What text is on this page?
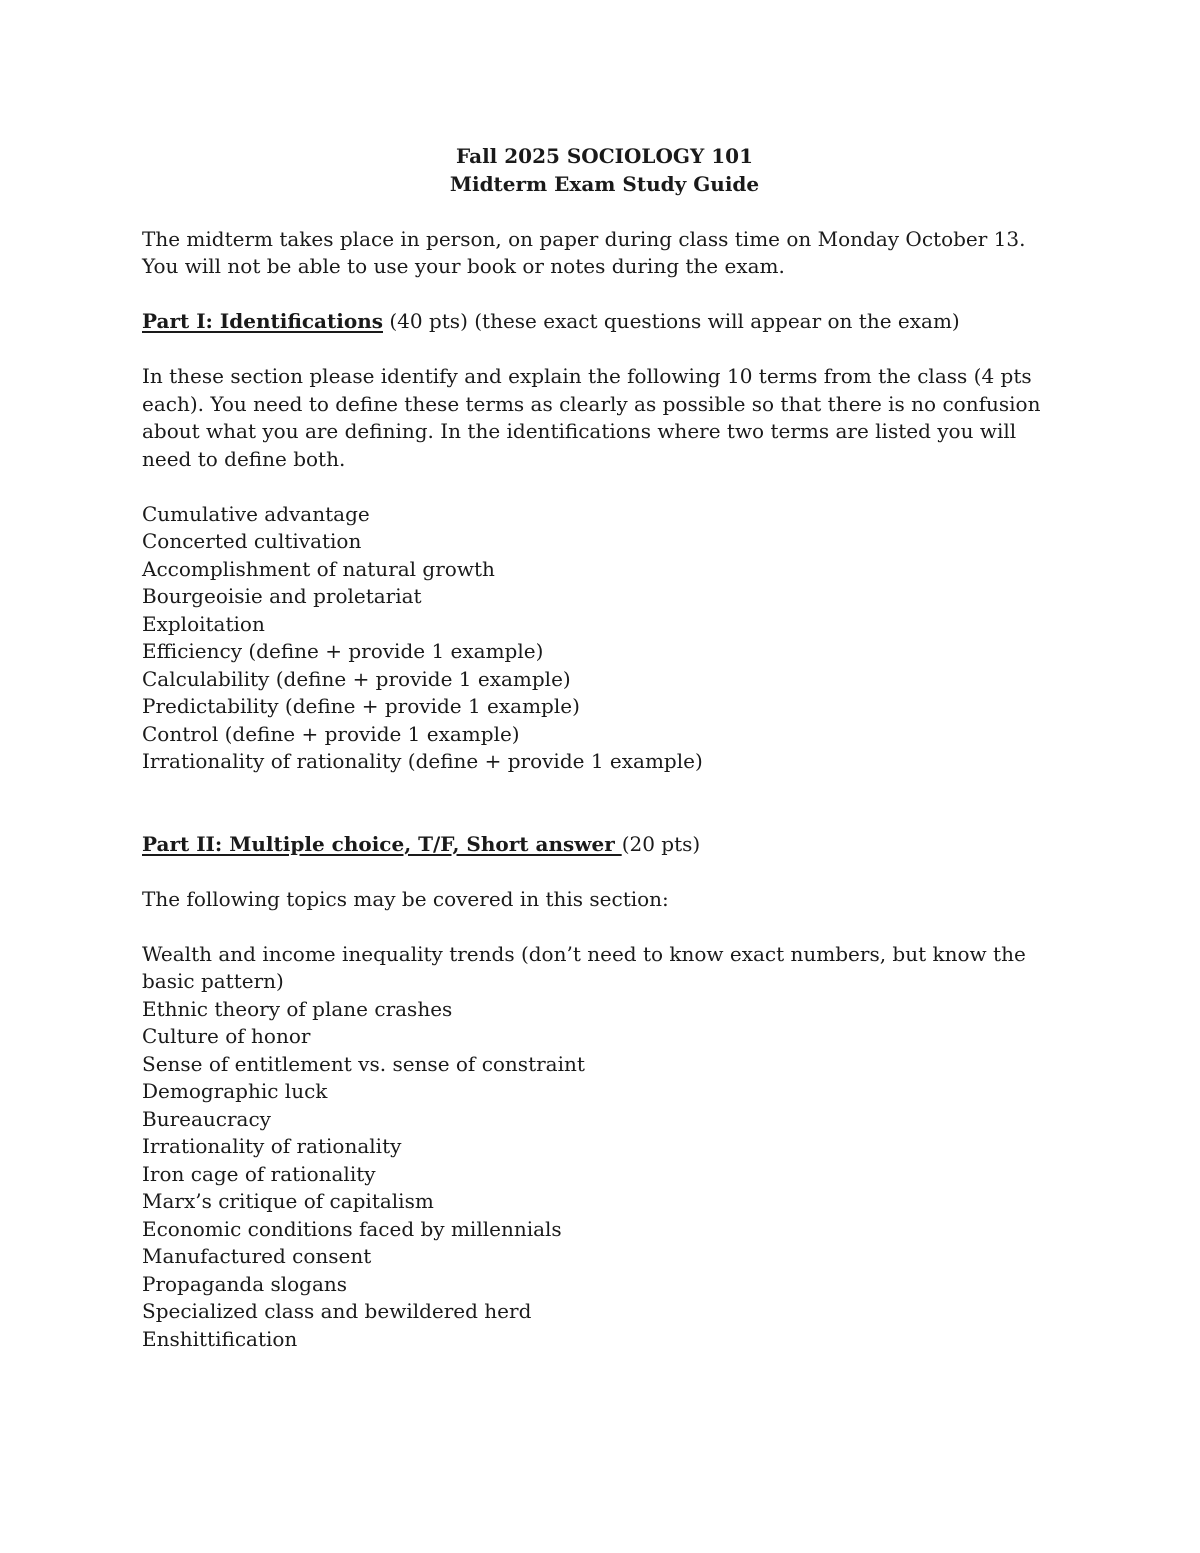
Fall 2025 SOCIOLOGY 101
Midterm Exam Study Guide

The midterm takes place in person, on paper during class time on Monday October 13. You will not be able to use your book or notes during the exam.

Part I: Identifications (40 pts) (these exact questions will appear on the exam)

In these section please identify and explain the following 10 terms from the class (4 pts each). You need to define these terms as clearly as possible so that there is no confusion about what you are defining. In the identifications where two terms are listed you will need to define both.

Cumulative advantage
Concerted cultivation
Accomplishment of natural growth
Bourgeoisie and proletariat
Exploitation
Efficiency (define + provide 1 example)
Calculability (define + provide 1 example)
Predictability (define + provide 1 example)
Control (define + provide 1 example)
Irrationality of rationality (define + provide 1 example)

Part II: Multiple choice, T/F, Short answer (20 pts)

The following topics may be covered in this section:

Wealth and income inequality trends (don’t need to know exact numbers, but know the basic pattern)
Ethnic theory of plane crashes
Culture of honor
Sense of entitlement vs. sense of constraint
Demographic luck
Bureaucracy
Irrationality of rationality
Iron cage of rationality
Marx’s critique of capitalism
Economic conditions faced by millennials
Manufactured consent
Propaganda slogans
Specialized class and bewildered herd
Enshittification
